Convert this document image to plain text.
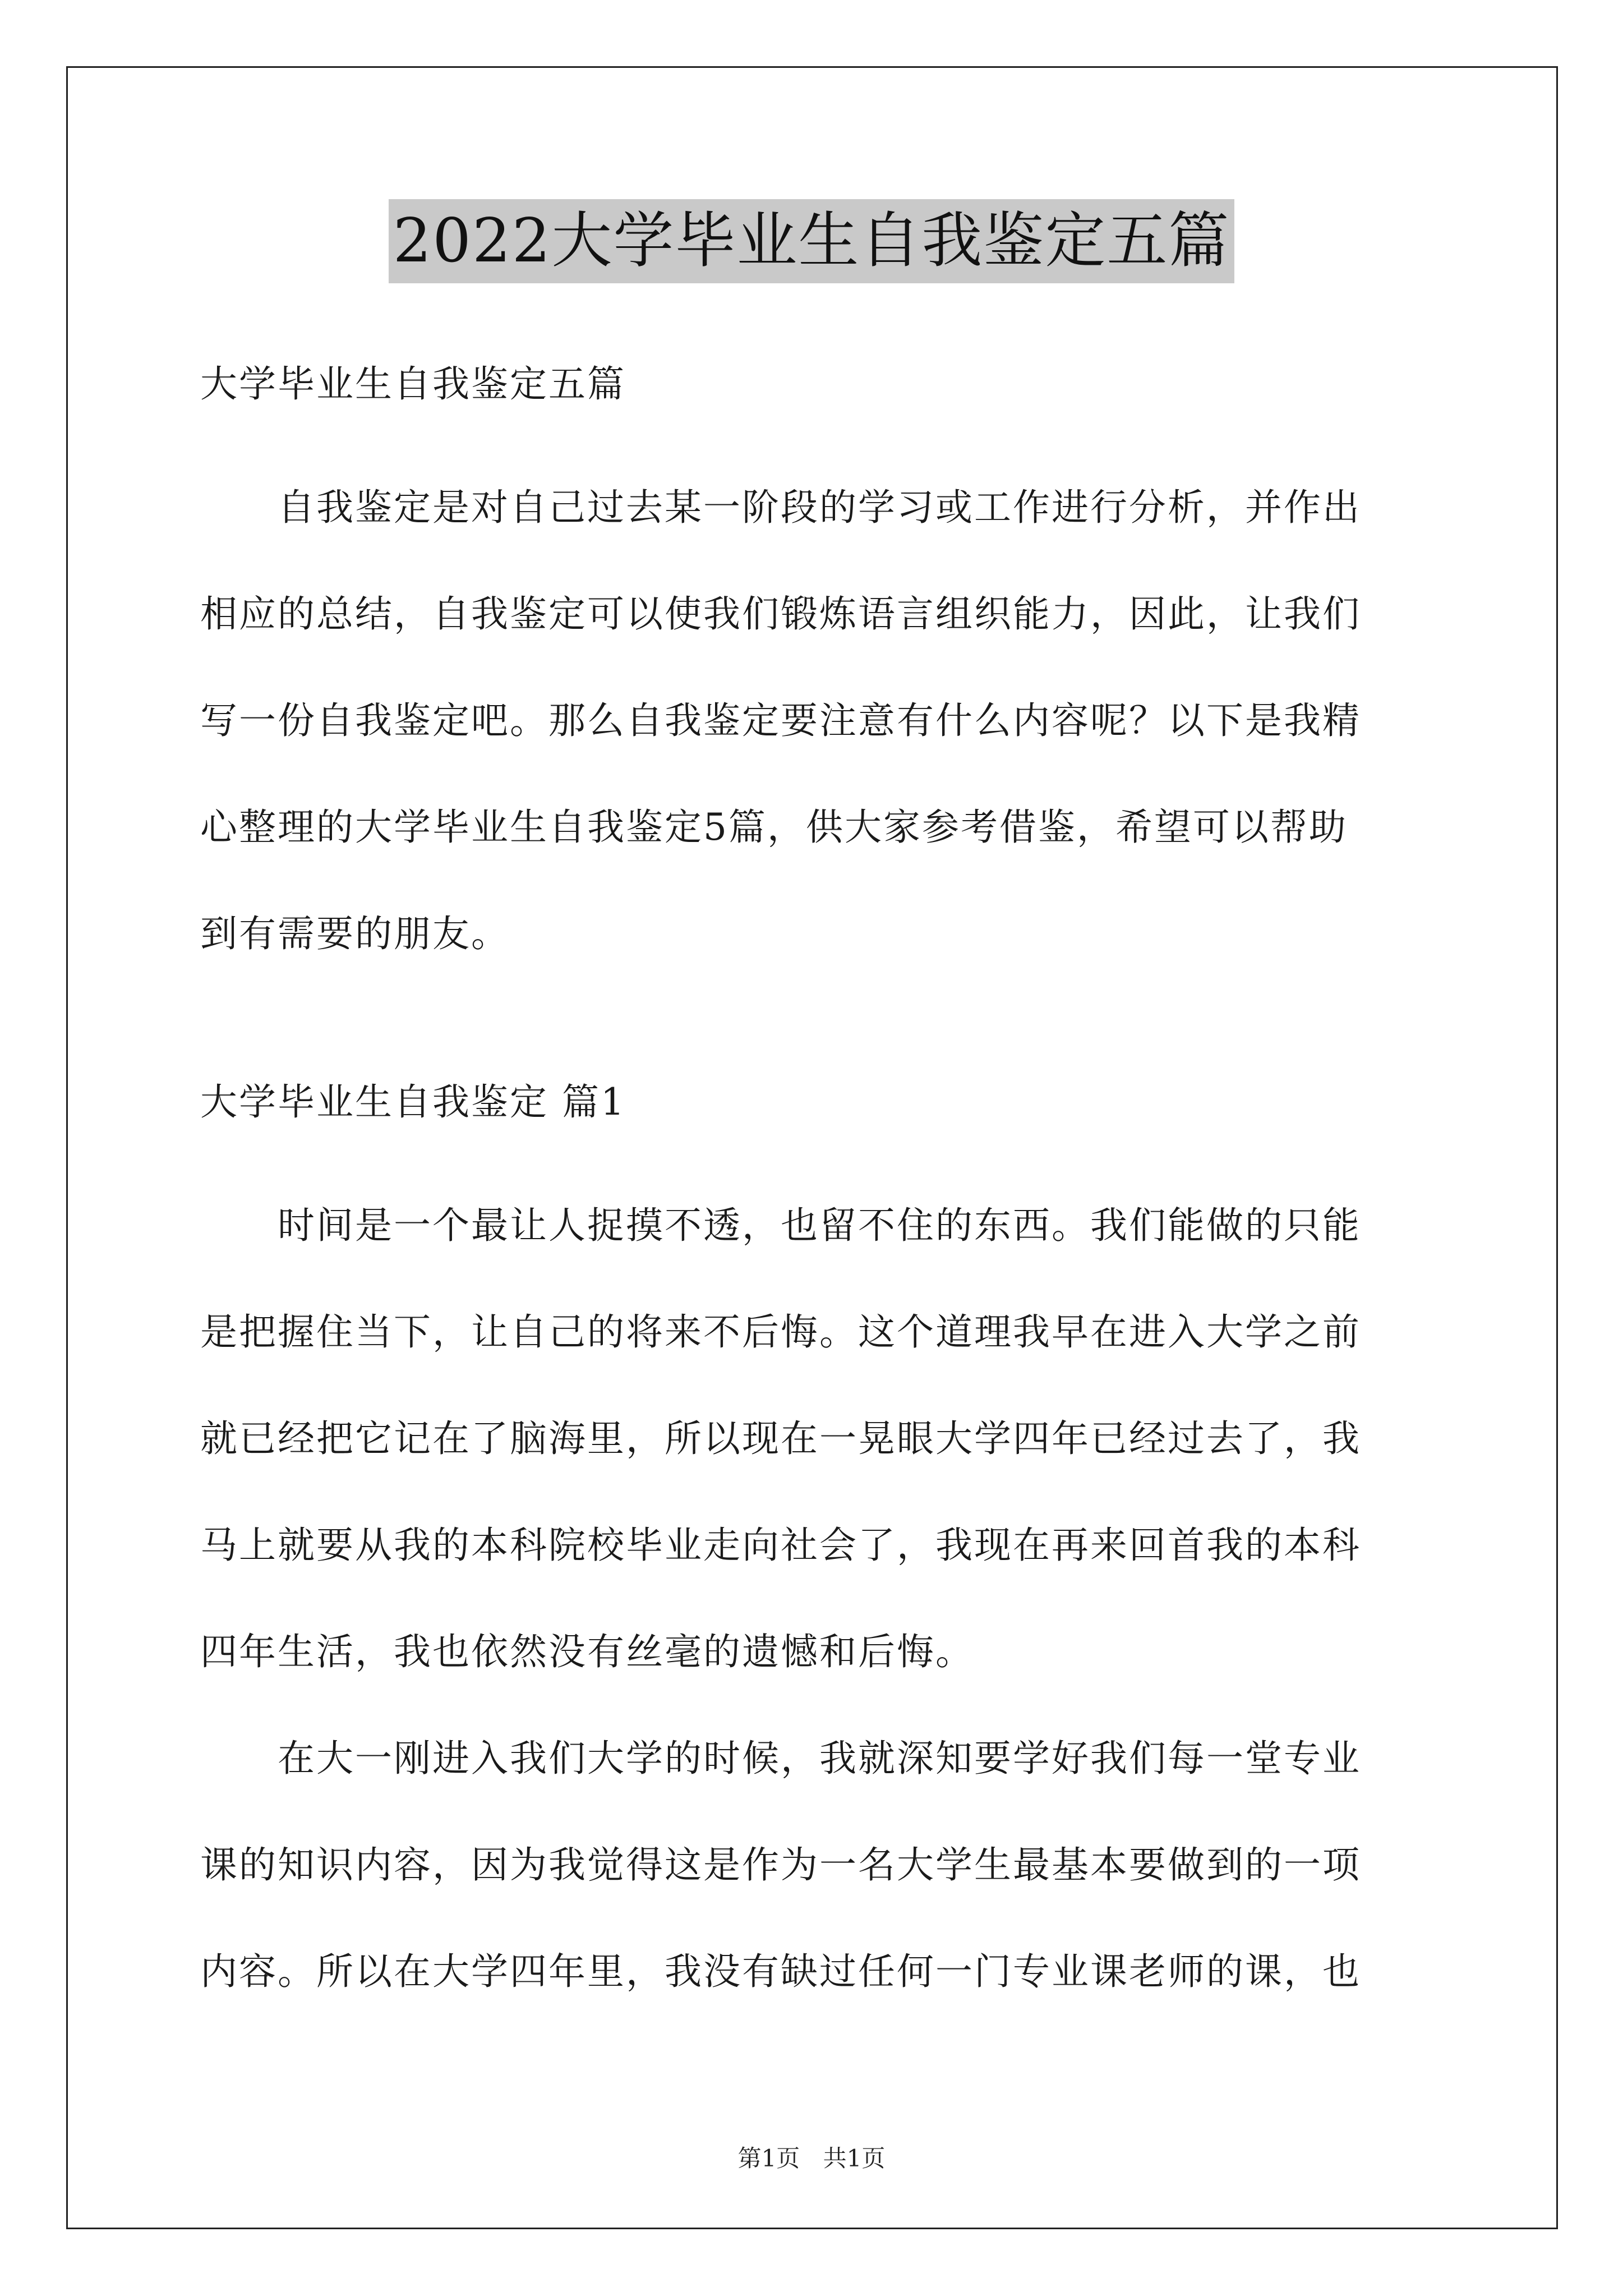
2022大学毕业生自我鉴定五篇
大学毕业生自我鉴定五篇
　　自我鉴定是对自己过去某一阶段的学习或工作进行分析，并作出
相应的总结，自我鉴定可以使我们锻炼语言组织能力，因此，让我们
写一份自我鉴定吧。那么自我鉴定要注意有什么内容呢？以下是我精
心整理的大学毕业生自我鉴定5篇，供大家参考借鉴，希望可以帮助
到有需要的朋友。
大学毕业生自我鉴定 篇1
　　时间是一个最让人捉摸不透，也留不住的东西。我们能做的只能
是把握住当下，让自己的将来不后悔。这个道理我早在进入大学之前
就已经把它记在了脑海里，所以现在一晃眼大学四年已经过去了，我
马上就要从我的本科院校毕业走向社会了，我现在再来回首我的本科
四年生活，我也依然没有丝毫的遗憾和后悔。
　　在大一刚进入我们大学的时候，我就深知要学好我们每一堂专业
课的知识内容，因为我觉得这是作为一名大学生最基本要做到的一项
内容。所以在大学四年里，我没有缺过任何一门专业课老师的课，也
第1页 共1页
